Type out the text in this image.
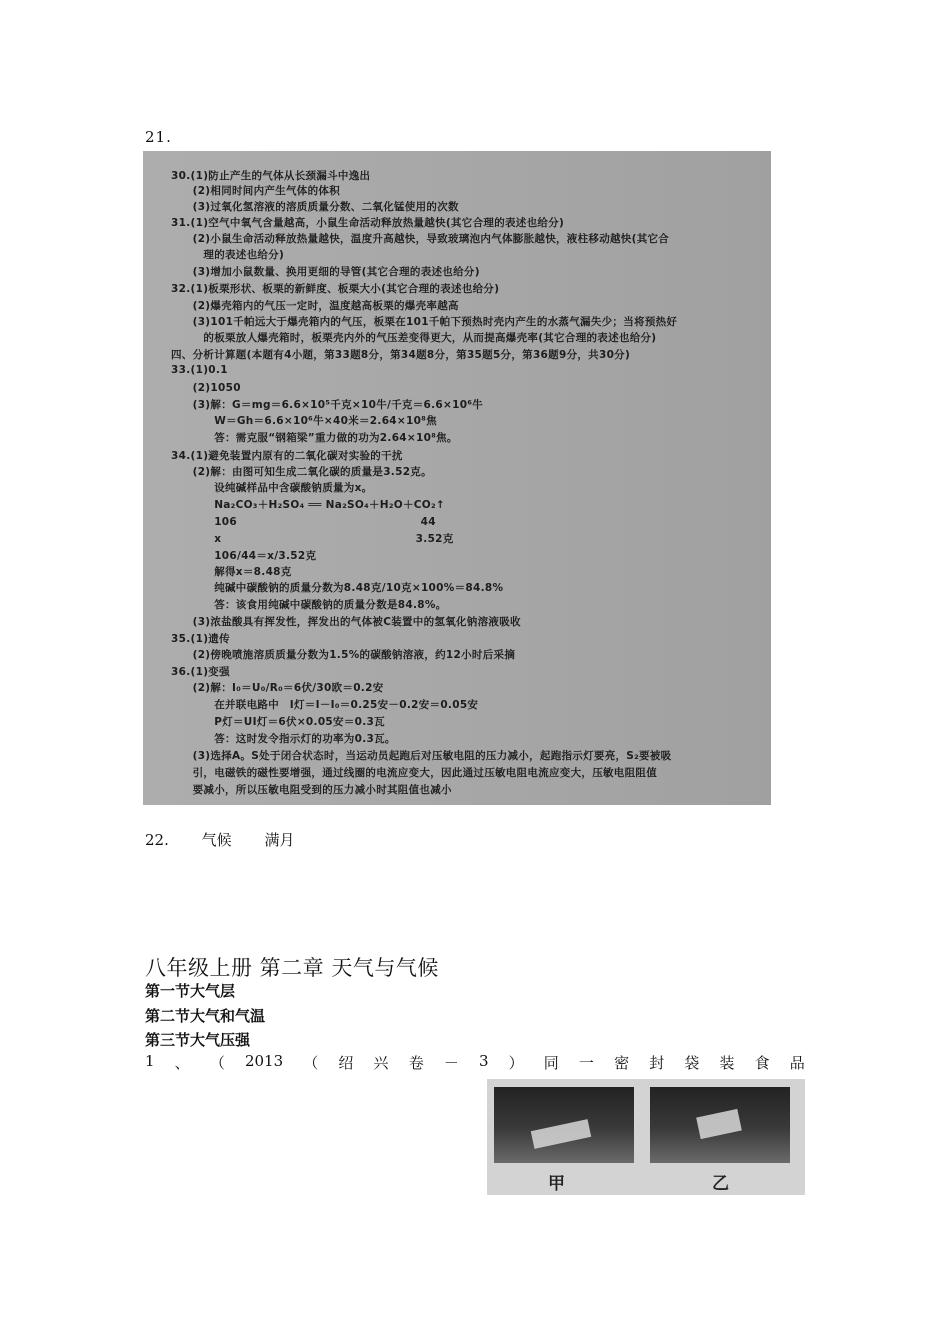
21.
30.(1)防止产生的气体从长颈漏斗中逸出
　　(2)相同时间内产生气体的体积
　　(3)过氧化氢溶液的溶质质量分数、二氧化锰使用的次数
31.(1)空气中氧气含量越高，小鼠生命活动释放热量越快(其它合理的表述也给分)
　　(2)小鼠生命活动释放热量越快，温度升高越快，导致玻璃泡内气体膨胀越快，液柱移动越快(其它合
　　　理的表述也给分)
　　(3)增加小鼠数量、换用更细的导管(其它合理的表述也给分)
32.(1)板栗形状、板栗的新鲜度、板栗大小(其它合理的表述也给分)
　　(2)爆壳箱内的气压一定时，温度越高板栗的爆壳率越高
　　(3)101千帕远大于爆壳箱内的气压，板栗在101千帕下预热时壳内产生的水蒸气漏失少；当将预热好
　　　的板栗放人爆壳箱时，板栗壳内外的气压差变得更大，从而提高爆壳率(其它合理的表述也给分)
四、分析计算题(本题有4小题，第33题8分，第34题8分，第35题5分，第36题9分，共30分)
33.(1)0.1
　　(2)1050
　　(3)解：G＝mg＝6.6×10⁵千克×10牛/千克＝6.6×10⁶牛
　　　　W＝Gh＝6.6×10⁶牛×40米＝2.64×10⁸焦
　　　　答：需克服“钢箱梁”重力做的功为2.64×10⁸焦。
34.(1)避免装置内原有的二氧化碳对实验的干扰
　　(2)解：由图可知生成二氧化碳的质量是3.52克。
　　　　设纯碱样品中含碳酸钠质量为x。
　　　　Na₂CO₃＋H₂SO₄ ══ Na₂SO₄＋H₂O＋CO₂↑
　　　　106　　　　　　　　　　　　　　　　　44
　　　　x　　　　　　　　　　　　　　　　　　3.52克
　　　　106/44＝x/3.52克
　　　　解得x＝8.48克
　　　　纯碱中碳酸钠的质量分数为8.48克/10克×100%＝84.8%
　　　　答：该食用纯碱中碳酸钠的质量分数是84.8%。
　　(3)浓盐酸具有挥发性，挥发出的气体被C装置中的氢氧化钠溶液吸收
35.(1)遗传
　　(2)傍晚喷施溶质质量分数为1.5%的碳酸钠溶液，约12小时后采摘
36.(1)变强
　　(2)解：I₀＝U₀/R₀＝6伏/30欧＝0.2安
　　　　在并联电路中　I灯＝I－I₀＝0.25安－0.2安＝0.05安
　　　　P灯＝UI灯＝6伏×0.05安＝0.3瓦
　　　　答：这时发令指示灯的功率为0.3瓦。
　　(3)选择A。S处于闭合状态时，当运动员起跑后对压敏电阻的压力减小，起跑指示灯要亮，S₂要被吸
　　引，电磁铁的磁性要增强，通过线圈的电流应变大，因此通过压敏电阻电流应变大，压敏电阻阻值
　　要减小，所以压敏电阻受到的压力减小时其阻值也减小
22. 气候 满月
八年级上册 第二章 天气与气候
第一节大气层
第二节大气和气温
第三节大气压强
1 、 （ 2013 （ 绍 兴 卷 － 3 ） 同 一 密 封 袋 装 食 品
甲	乙
